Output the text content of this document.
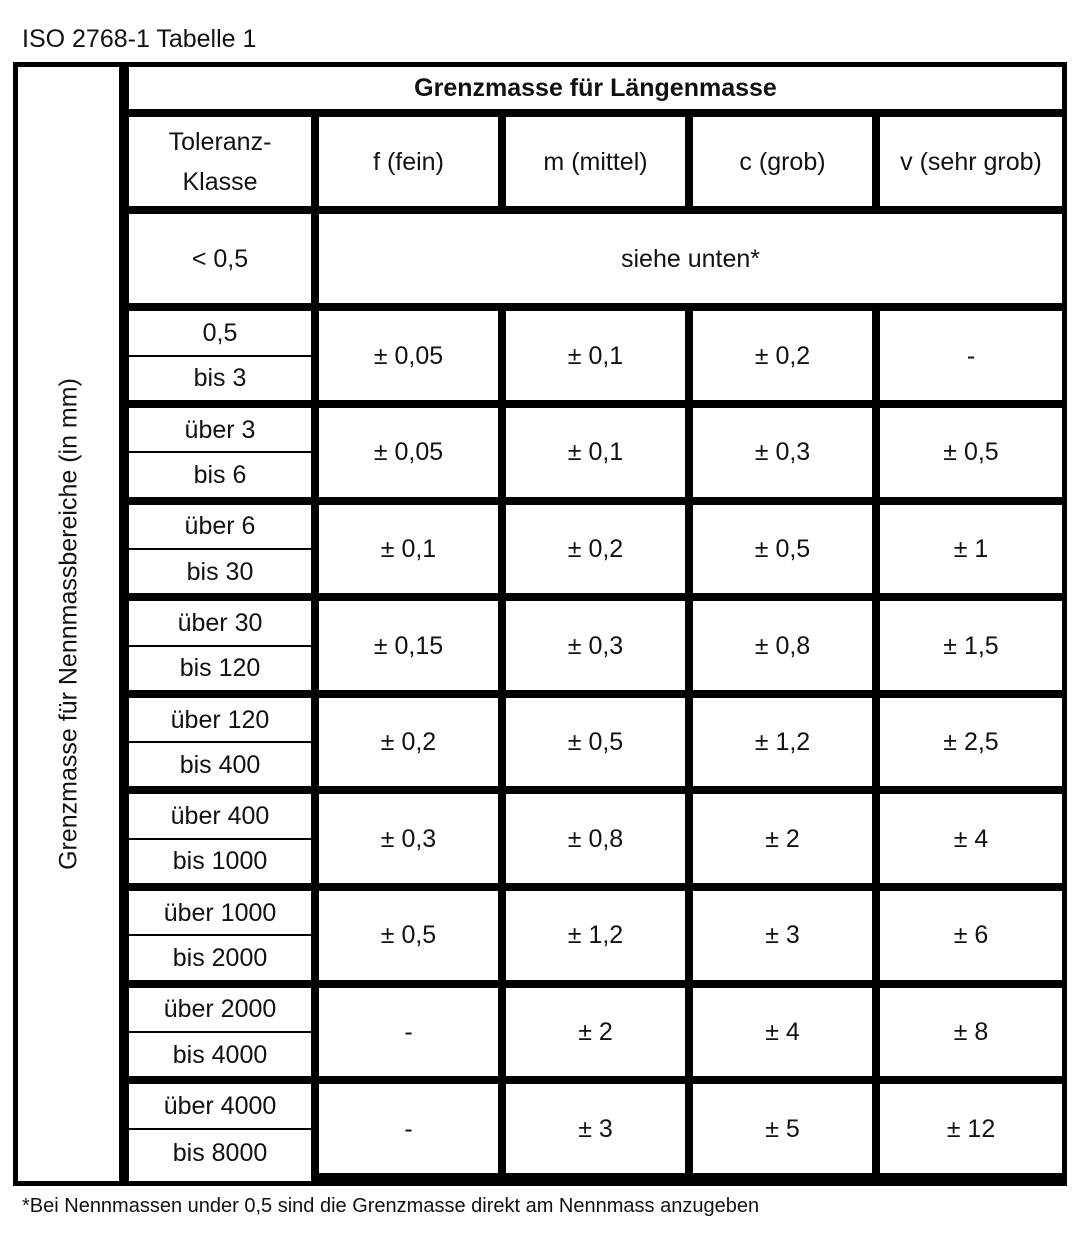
ISO 2768-1 Tabelle 1
Grenzmasse für Nennmassbereiche (in mm)
Grenzmasse für Längenmasse				
Toleranz-
Klasse	f (fein)	m (mittel)	c (grob)	v (sehr grob)
< 0,5	siehe unten*			
0,5	± 0,05	± 0,1	± 0,2	-
bis 3				
über 3	± 0,05	± 0,1	± 0,3	± 0,5
bis 6				
über 6	± 0,1	± 0,2	± 0,5	± 1
bis 30				
über 30	± 0,15	± 0,3	± 0,8	± 1,5
bis 120				
über 120	± 0,2	± 0,5	± 1,2	± 2,5
bis 400				
über 400	± 0,3	± 0,8	± 2	± 4
bis 1000				
über 1000	± 0,5	± 1,2	± 3	± 6
bis 2000				
über 2000	-	± 2	± 4	± 8
bis 4000				
über 4000	-	± 3	± 5	± 12
bis 8000				
*Bei Nennmassen under 0,5 sind die Grenzmasse direkt am Nennmass anzugeben
